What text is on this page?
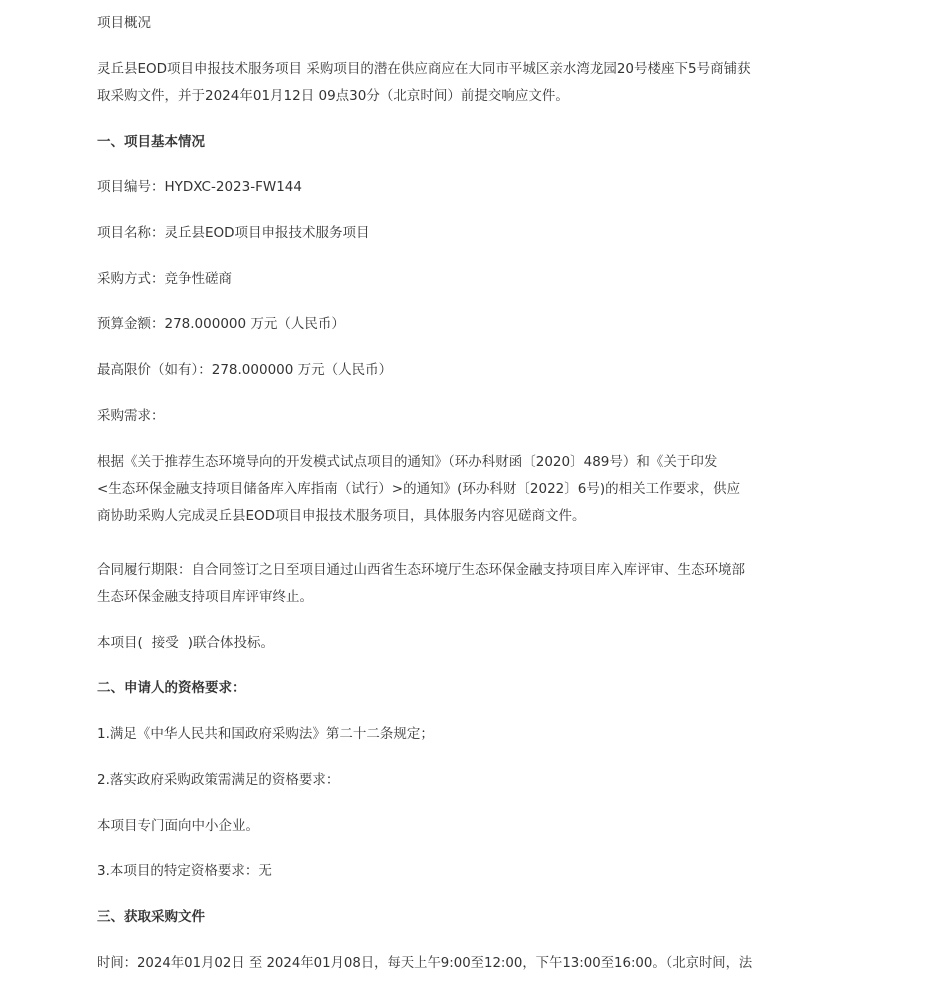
项目概况
灵丘县EOD项目申报技术服务项目 采购项目的潜在供应商应在大同市平城区亲水湾龙园20号楼座下5号商铺获
取采购文件，并于2024年01月12日 09点30分（北京时间）前提交响应文件。
一、项目基本情况
项目编号：HYDXC-2023-FW144
项目名称：灵丘县EOD项目申报技术服务项目
采购方式：竞争性磋商
预算金额：278.000000 万元（人民币）
最高限价（如有）：278.000000 万元（人民币）
采购需求：
根据《关于推荐生态环境导向的开发模式试点项目的通知》（环办科财函〔2020〕489号）和《关于印发
<生态环保金融支持项目储备库入库指南（试行）>的通知》(环办科财〔2022〕6号)的相关工作要求，供应
商协助采购人完成灵丘县EOD项目申报技术服务项目，具体服务内容见磋商文件。
合同履行期限：自合同签订之日至项目通过山西省生态环境厅生态环保金融支持项目库入库评审、生态环境部
生态环保金融支持项目库评审终止。
本项目( 接受 )联合体投标。
二、申请人的资格要求：
1.满足《中华人民共和国政府采购法》第二十二条规定；
2.落实政府采购政策需满足的资格要求：
本项目专门面向中小企业。
3.本项目的特定资格要求：无
三、获取采购文件
时间：2024年01月02日 至 2024年01月08日，每天上午9:00至12:00，下午13:00至16:00。（北京时间，法
